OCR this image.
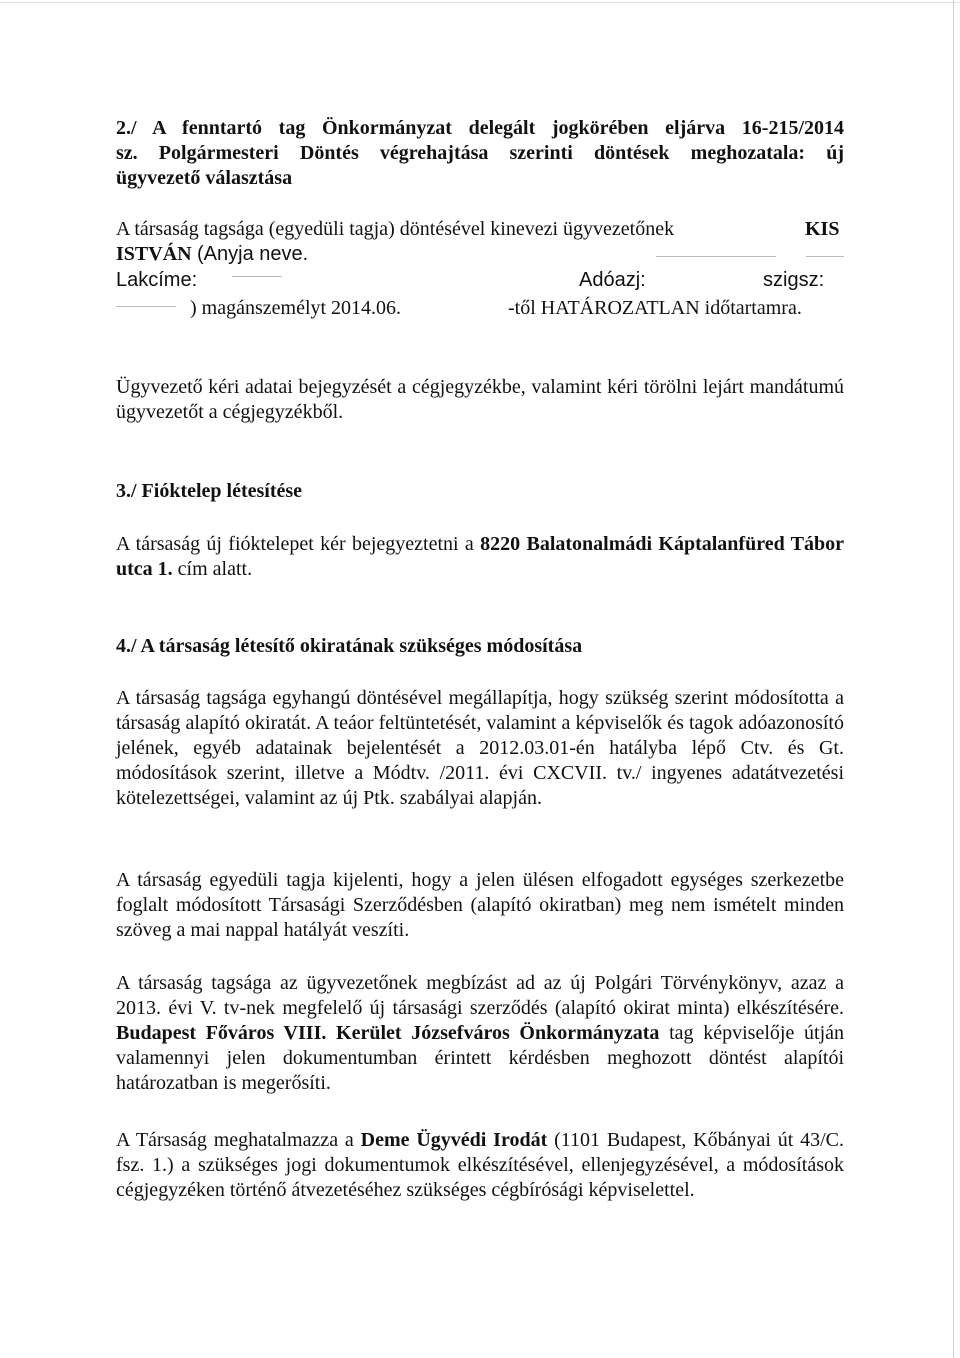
2./ A fenntartó tag Önkormányzat delegált jogkörében eljárva 16-215/2014
sz. Polgármesteri Döntés végrehajtása szerinti döntések meghozatala: új
ügyvezető választása

A társaság tagsága (egyedüli tagja) döntésével kinevezi ügyvezetőnek	KIS
ISTVÁN (Anyja neve.
Lakcíme:	Adóazj:	szigsz:
) magánszemélyt 2014.06.	-től HATÁROZATLAN időtartamra.

Ügyvezető kéri adatai bejegyzését a cégjegyzékbe, valamint kéri törölni lejárt mandátumú ügyvezetőt a cégjegyzékből.

3./ Fióktelep létesítése

A társaság új fióktelepet kér bejegyeztetni a 8220 Balatonalmádi Káptalanfüred Tábor utca 1. cím alatt.

4./ A társaság létesítő okiratának szükséges módosítása

A társaság tagsága egyhangú döntésével megállapítja, hogy szükség szerint módosította a társaság alapító okiratát. A teáor feltüntetését, valamint a képviselők és tagok adóazonosító jelének, egyéb adatainak bejelentését a 2012.03.01-én hatályba lépő Ctv. és Gt. módosítások szerint, illetve a Módtv. /2011. évi CXCVII. tv./ ingyenes adatátvezetési kötelezettségei, valamint az új Ptk. szabályai alapján.

A társaság egyedüli tagja kijelenti, hogy a jelen ülésen elfogadott egységes szerkezetbe foglalt módosított Társasági Szerződésben (alapító okiratban) meg nem ismételt minden szöveg a mai nappal hatályát veszíti.

A társaság tagsága az ügyvezetőnek megbízást ad az új Polgári Törvénykönyv, azaz a 2013. évi V. tv-nek megfelelő új társasági szerződés (alapító okirat minta) elkészítésére. Budapest Főváros VIII. Kerület Józsefváros Önkormányzata tag képviselője útján valamennyi jelen dokumentumban érintett kérdésben meghozott döntést alapítói határozatban is megerősíti.

A Társaság meghatalmazza a Deme Ügyvédi Irodát (1101 Budapest, Kőbányai út 43/C. fsz. 1.) a szükséges jogi dokumentumok elkészítésével, ellenjegyzésével, a módosítások cégjegyzéken történő átvezetéséhez szükséges cégbírósági képviselettel.
